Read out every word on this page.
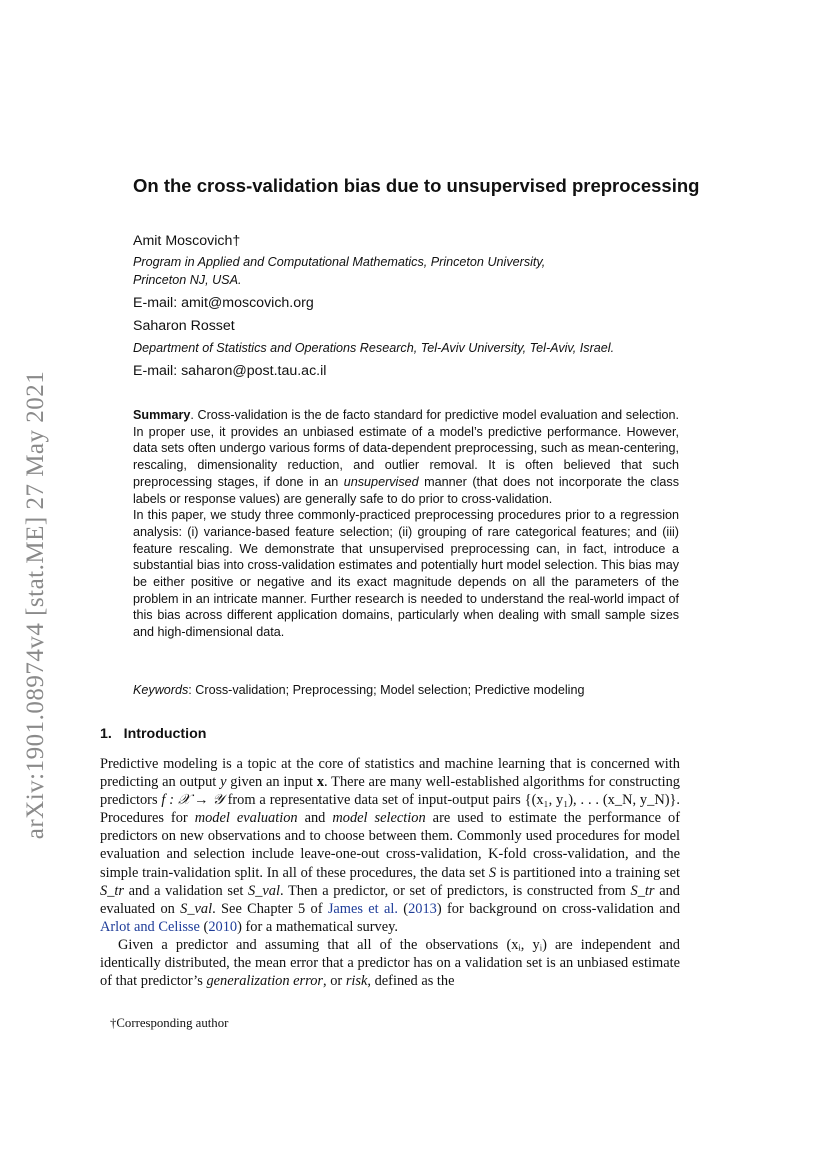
arXiv:1901.08974v4 [stat.ME] 27 May 2021
On the cross-validation bias due to unsupervised preprocessing
Amit Moscovich†
Program in Applied and Computational Mathematics, Princeton University,
Princeton NJ, USA.
E-mail: amit@moscovich.org
Saharon Rosset
Department of Statistics and Operations Research, Tel-Aviv University, Tel-Aviv, Israel.
E-mail: saharon@post.tau.ac.il

Summary. Cross-validation is the de facto standard for predictive model evaluation and selection. In proper use, it provides an unbiased estimate of a model’s predictive performance. However, data sets often undergo various forms of data-dependent preprocessing, such as mean-centering, rescaling, dimensionality reduction, and outlier removal. It is often believed that such preprocessing stages, if done in an unsupervised manner (that does not incorporate the class labels or response values) are generally safe to do prior to cross-validation.

In this paper, we study three commonly-practiced preprocessing procedures prior to a regression analysis: (i) variance-based feature selection; (ii) grouping of rare categorical features; and (iii) feature rescaling. We demonstrate that unsupervised preprocessing can, in fact, introduce a substantial bias into cross-validation estimates and potentially hurt model selection. This bias may be either positive or negative and its exact magnitude depends on all the parameters of the problem in an intricate manner. Further research is needed to understand the real-world impact of this bias across different application domains, particularly when dealing with small sample sizes and high-dimensional data.

Keywords: Cross-validation; Preprocessing; Model selection; Predictive modeling
1. Introduction

Predictive modeling is a topic at the core of statistics and machine learning that is concerned with predicting an output y given an input x. There are many well-established algorithms for constructing predictors f : 𝒳 → 𝒴 from a representative data set of input-output pairs {(x₁, y₁), . . . (x_N, y_N)}. Procedures for model evaluation and model selection are used to estimate the performance of predictors on new observations and to choose between them. Commonly used procedures for model evaluation and selection include leave-one-out cross-validation, K-fold cross-validation, and the simple train-validation split. In all of these procedures, the data set S is partitioned into a training set S_tr and a validation set S_val. Then a predictor, or set of predictors, is constructed from S_tr and evaluated on S_val. See Chapter 5 of James et al. (2013) for background on cross-validation and Arlot and Celisse (2010) for a mathematical survey.

Given a predictor and assuming that all of the observations (xᵢ, yᵢ) are independent and identically distributed, the mean error that a predictor has on a validation set is an unbiased estimate of that predictor’s generalization error, or risk, defined as the

†Corresponding author
